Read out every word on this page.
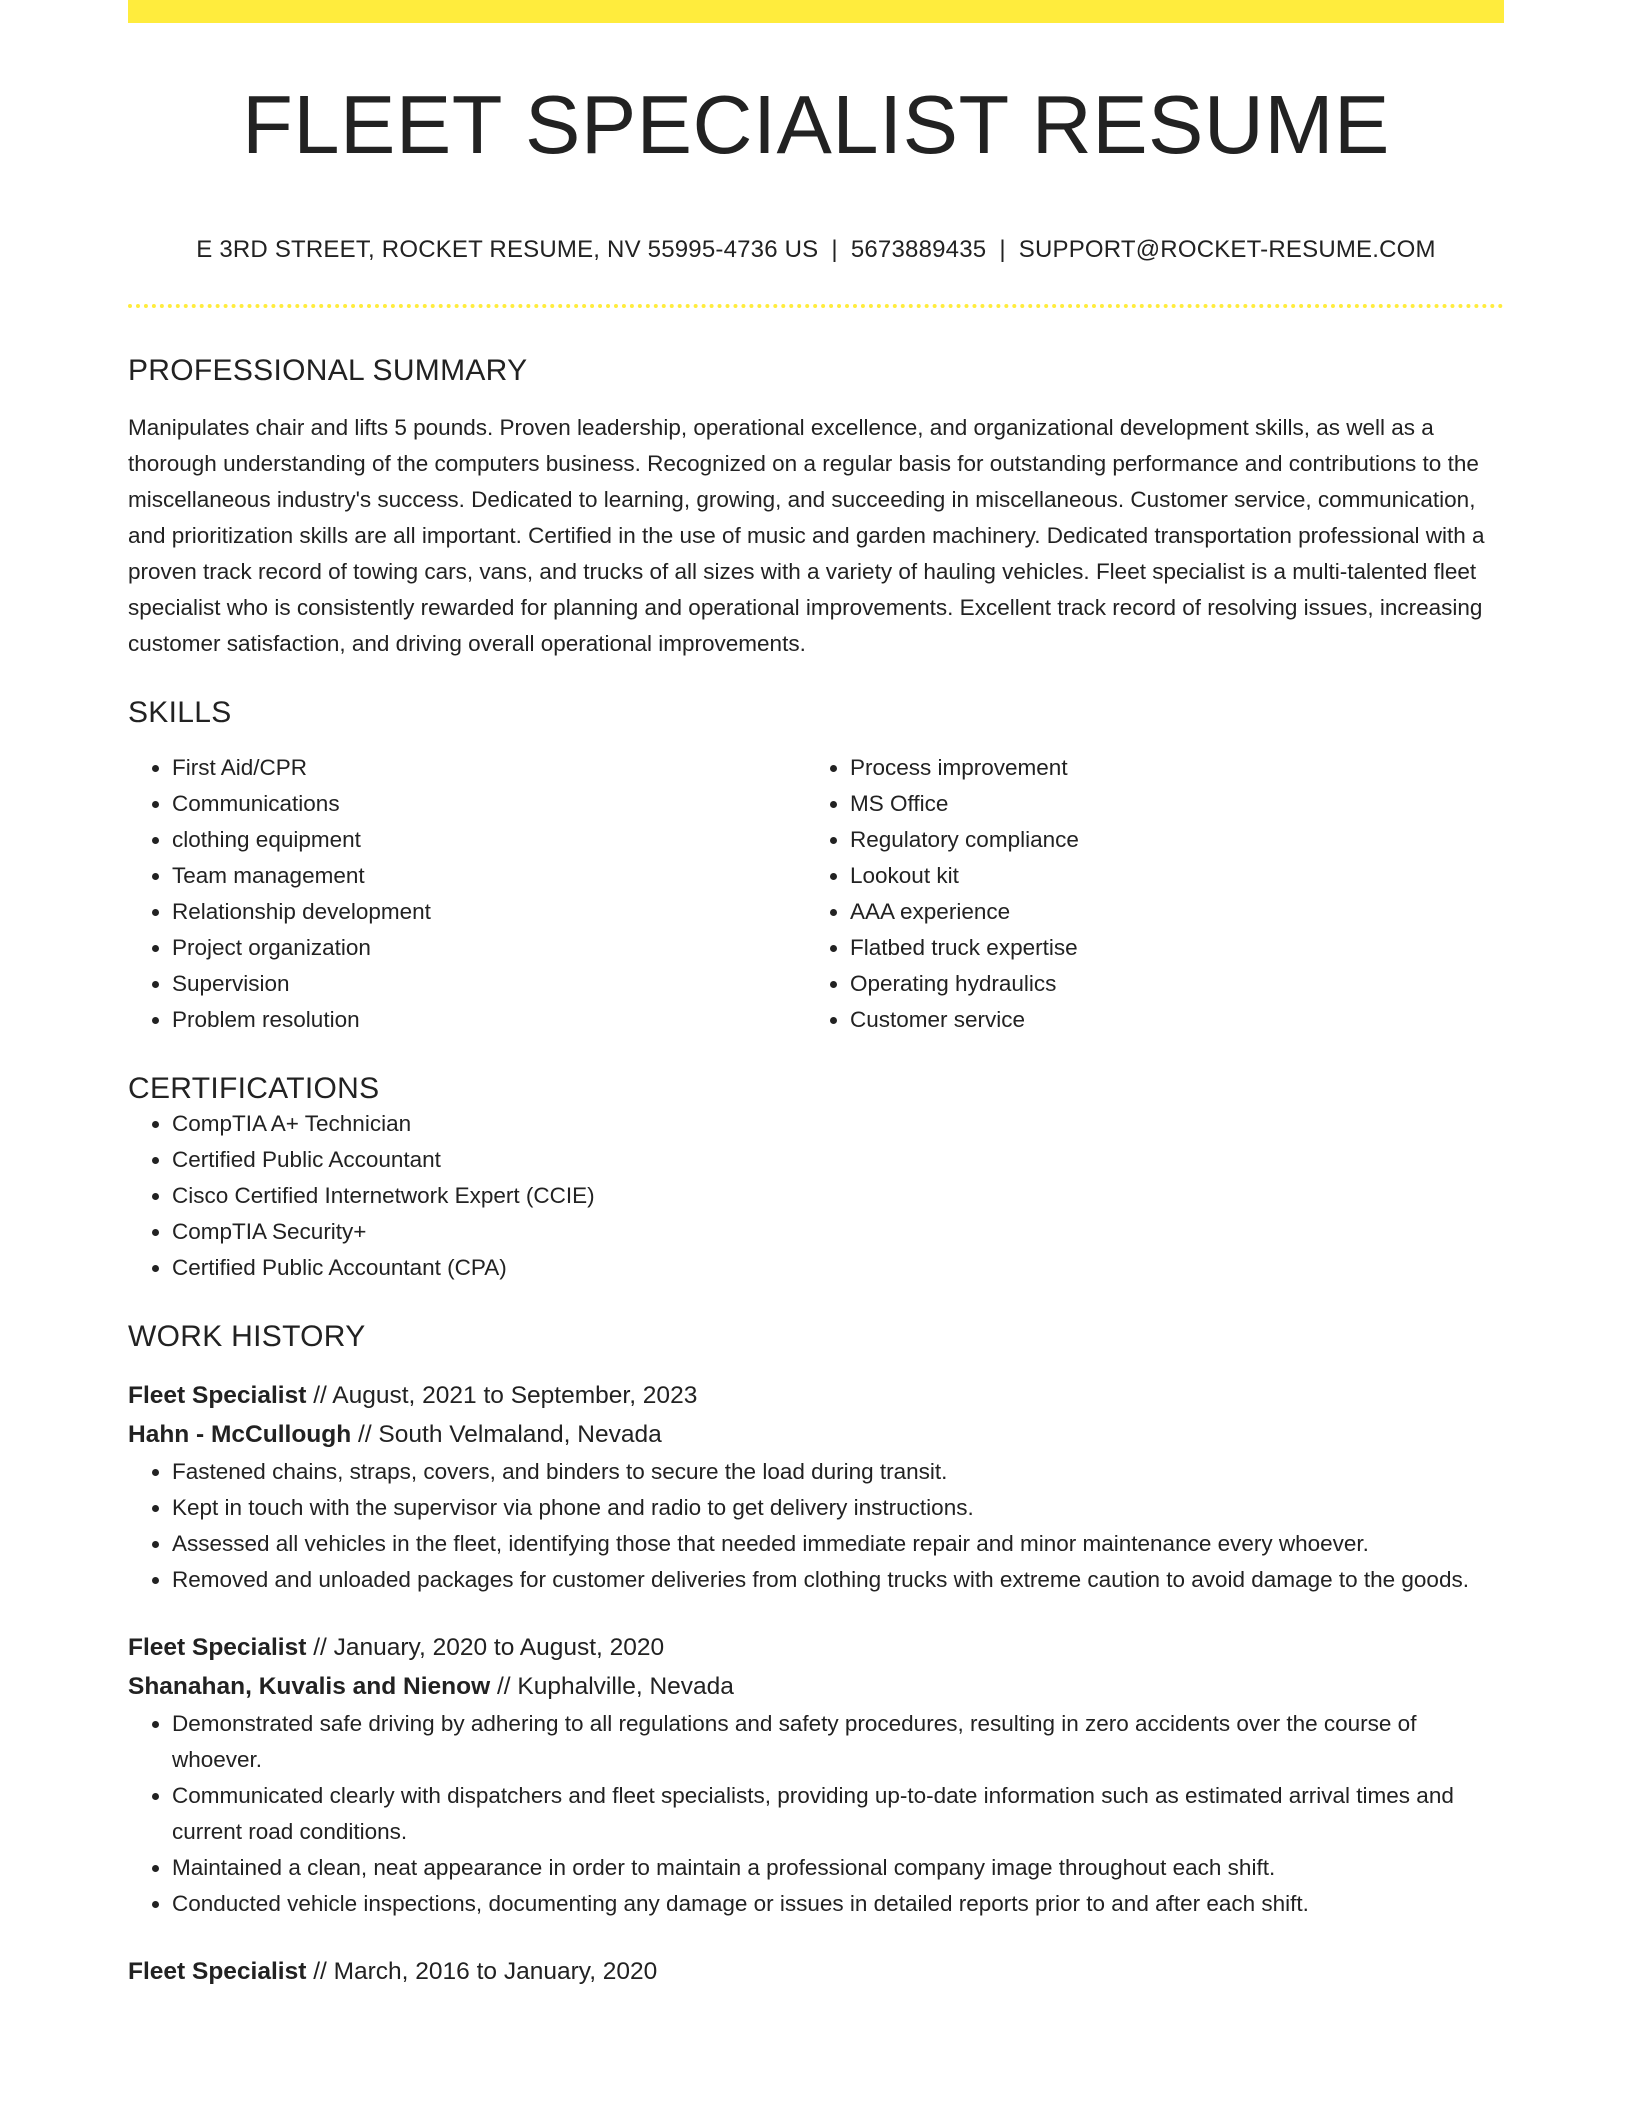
FLEET SPECIALIST RESUME
E 3RD STREET, ROCKET RESUME, NV 55995-4736 US | 5673889435 | SUPPORT@ROCKET-RESUME.COM
PROFESSIONAL SUMMARY
Manipulates chair and lifts 5 pounds. Proven leadership, operational excellence, and organizational development skills, as well as a thorough understanding of the computers business. Recognized on a regular basis for outstanding performance and contributions to the miscellaneous industry's success. Dedicated to learning, growing, and succeeding in miscellaneous. Customer service, communication, and prioritization skills are all important. Certified in the use of music and garden machinery. Dedicated transportation professional with a proven track record of towing cars, vans, and trucks of all sizes with a variety of hauling vehicles. Fleet specialist is a multi-talented fleet specialist who is consistently rewarded for planning and operational improvements. Excellent track record of resolving issues, increasing customer satisfaction, and driving overall operational improvements.
SKILLS
• First Aid/CPR
• Communications
• clothing equipment
• Team management
• Relationship development
• Project organization
• Supervision
• Problem resolution
• Process improvement
• MS Office
• Regulatory compliance
• Lookout kit
• AAA experience
• Flatbed truck expertise
• Operating hydraulics
• Customer service
CERTIFICATIONS
• CompTIA A+ Technician
• Certified Public Accountant
• Cisco Certified Internetwork Expert (CCIE)
• CompTIA Security+
• Certified Public Accountant (CPA)
WORK HISTORY
Fleet Specialist // August, 2021 to September, 2023
Hahn - McCullough // South Velmaland, Nevada
• Fastened chains, straps, covers, and binders to secure the load during transit.
• Kept in touch with the supervisor via phone and radio to get delivery instructions.
• Assessed all vehicles in the fleet, identifying those that needed immediate repair and minor maintenance every whoever.
• Removed and unloaded packages for customer deliveries from clothing trucks with extreme caution to avoid damage to the goods.
Fleet Specialist // January, 2020 to August, 2020
Shanahan, Kuvalis and Nienow // Kuphalville, Nevada
• Demonstrated safe driving by adhering to all regulations and safety procedures, resulting in zero accidents over the course of whoever.
• Communicated clearly with dispatchers and fleet specialists, providing up-to-date information such as estimated arrival times and current road conditions.
• Maintained a clean, neat appearance in order to maintain a professional company image throughout each shift.
• Conducted vehicle inspections, documenting any damage or issues in detailed reports prior to and after each shift.
Fleet Specialist // March, 2016 to January, 2020
